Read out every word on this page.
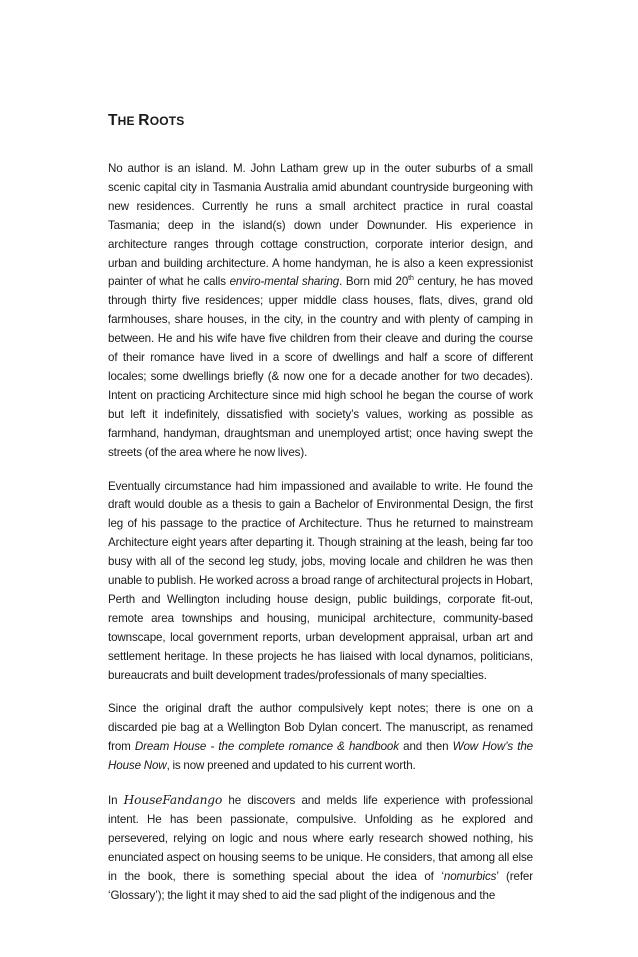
THE ROOTS

No author is an island. M. John Latham grew up in the outer suburbs of a small scenic capital city in Tasmania Australia amid abundant countryside burgeoning with new residences. Currently he runs a small architect practice in rural coastal Tasmania; deep in the island(s) down under Downunder. His experience in architecture ranges through cottage construction, corporate interior design, and urban and building architecture. A home handyman, he is also a keen expressionist painter of what he calls enviro-mental sharing. Born mid 20th century, he has moved through thirty five residences; upper middle class houses, flats, dives, grand old farmhouses, share houses, in the city, in the country and with plenty of camping in between. He and his wife have five children from their cleave and during the course of their romance have lived in a score of dwellings and half a score of different locales; some dwellings briefly (& now one for a decade another for two decades). Intent on practicing Architecture since mid high school he began the course of work but left it indefinitely, dissatisfied with society’s values, working as possible as farmhand, handyman, draughtsman and unemployed artist; once having swept the streets (of the area where he now lives).

Eventually circumstance had him impassioned and available to write. He found the draft would double as a thesis to gain a Bachelor of Environmental Design, the first leg of his passage to the practice of Architecture. Thus he returned to mainstream Architecture eight years after departing it. Though straining at the leash, being far too busy with all of the second leg study, jobs, moving locale and children he was then unable to publish. He worked across a broad range of architectural projects in Hobart, Perth and Wellington including house design, public buildings, corporate fit-out, remote area townships and housing, municipal architecture, community-based townscape, local government reports, urban development appraisal, urban art and settlement heritage. In these projects he has liaised with local dynamos, politicians, bureaucrats and built development trades/professionals of many specialties.

Since the original draft the author compulsively kept notes; there is one on a discarded pie bag at a Wellington Bob Dylan concert. The manuscript, as renamed from Dream House - the complete romance & handbook and then Wow How’s the House Now, is now preened and updated to his current worth.

In HouseFandango he discovers and melds life experience with professional intent. He has been passionate, compulsive. Unfolding as he explored and persevered, relying on logic and nous where early research showed nothing, his enunciated aspect on housing seems to be unique. He considers, that among all else in the book, there is something special about the idea of ‘nomurbics’ (refer ‘Glossary’); the light it may shed to aid the sad plight of the indigenous and the
